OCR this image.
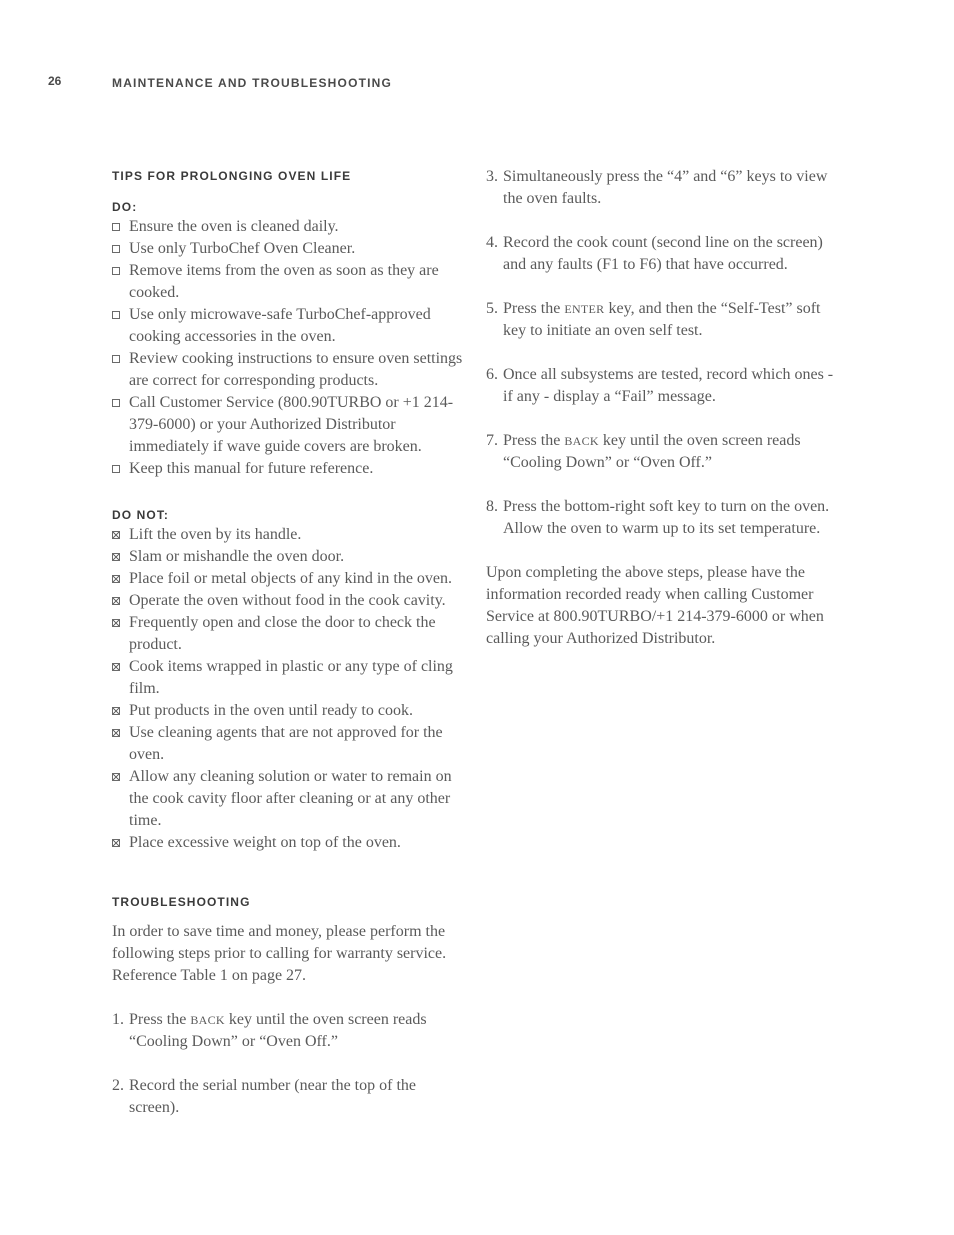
26	MAINTENANCE AND TROUBLESHOOTING
TIPS FOR PROLONGING OVEN LIFE
DO:
Ensure the oven is cleaned daily.
Use only TurboChef Oven Cleaner.
Remove items from the oven as soon as they are cooked.
Use only microwave-safe TurboChef-approved cooking accessories in the oven.
Review cooking instructions to ensure oven settings are correct for corresponding products.
Call Customer Service (800.90TURBO or +1 214-379-6000) or your Authorized Distributor immediately if wave guide covers are broken.
Keep this manual for future reference.
DO NOT:
Lift the oven by its handle.
Slam or mishandle the oven door.
Place foil or metal objects of any kind in the oven.
Operate the oven without food in the cook cavity.
Frequently open and close the door to check the product.
Cook items wrapped in plastic or any type of cling film.
Put products in the oven until ready to cook.
Use cleaning agents that are not approved for the oven.
Allow any cleaning solution or water to remain on the cook cavity floor after cleaning or at any other time.
Place excessive weight on top of the oven.
TROUBLESHOOTING

In order to save time and money, please perform the following steps prior to calling for warranty service. Reference Table 1 on page 27.

1. Press the BACK key until the oven screen reads “Cooling Down” or “Oven Off.”
2. Record the serial number (near the top of the screen).
3. Simultaneously press the “4” and “6” keys to view the oven faults.
4. Record the cook count (second line on the screen) and any faults (F1 to F6) that have occurred.
5. Press the ENTER key, and then the “Self-Test” soft key to initiate an oven self test.
6. Once all subsystems are tested, record which ones - if any - display a “Fail” message.
7. Press the BACK key until the oven screen reads “Cooling Down” or “Oven Off.”
8. Press the bottom-right soft key to turn on the oven. Allow the oven to warm up to its set temperature.

Upon completing the above steps, please have the information recorded ready when calling Customer Service at 800.90TURBO/+1 214-379-6000 or when calling your Authorized Distributor.
